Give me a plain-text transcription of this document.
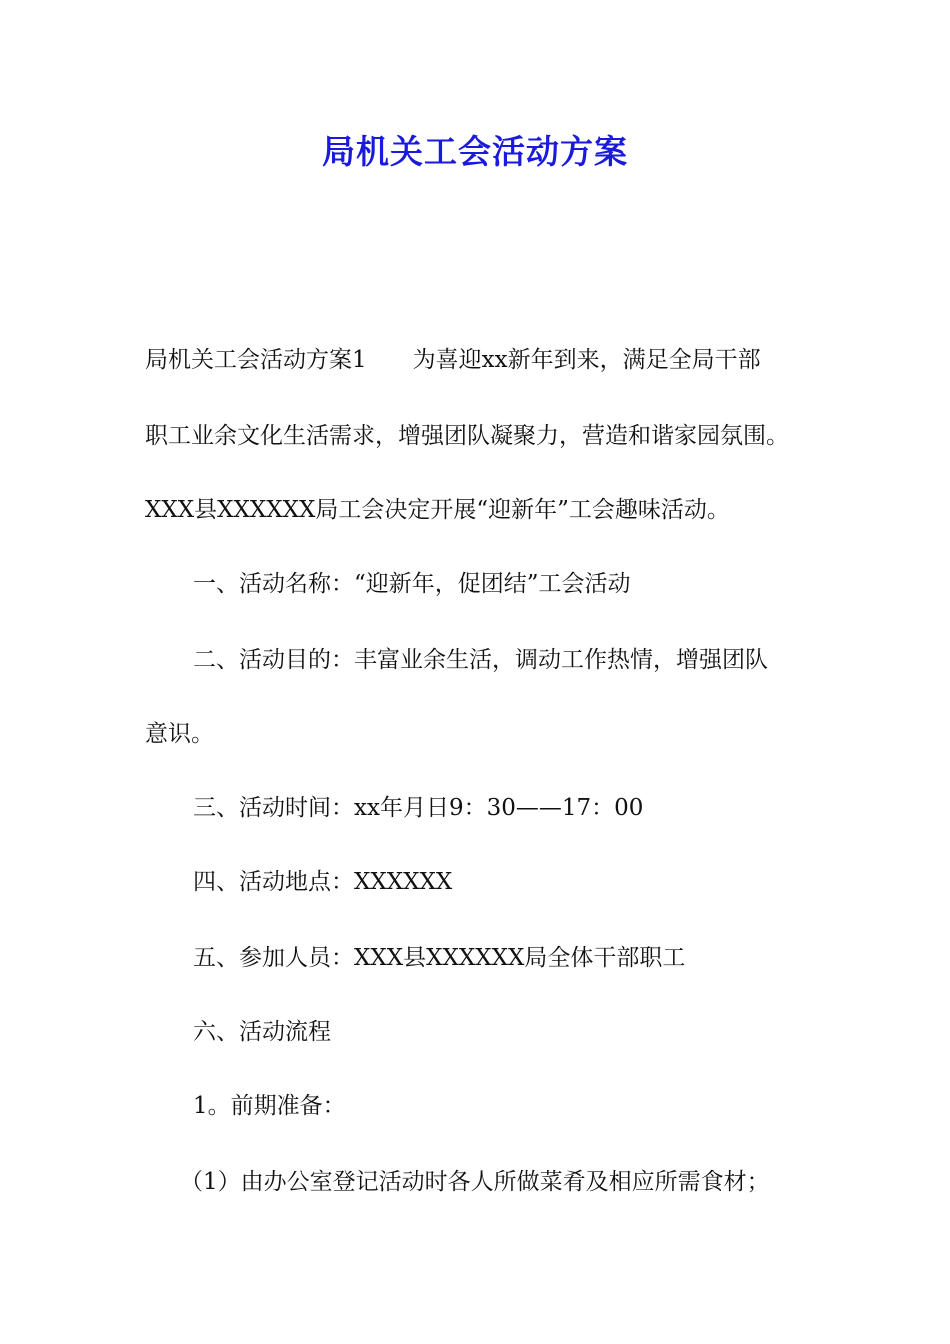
局机关工会活动方案
局机关工会活动方案1　　为喜迎xx新年到来，满足全局干部
职工业余文化生活需求，增强团队凝聚力，营造和谐家园氛围。
XXX县XXXXXX局工会决定开展“迎新年”工会趣味活动。
一、活动名称：“迎新年，促团结”工会活动
二、活动目的：丰富业余生活，调动工作热情，增强团队
意识。
三、活动时间：xx年月日9：30——17：00
四、活动地点：XXXXXX
五、参加人员：XXX县XXXXXX局全体干部职工
六、活动流程
1。前期准备：
（1）由办公室登记活动时各人所做菜肴及相应所需食材；
